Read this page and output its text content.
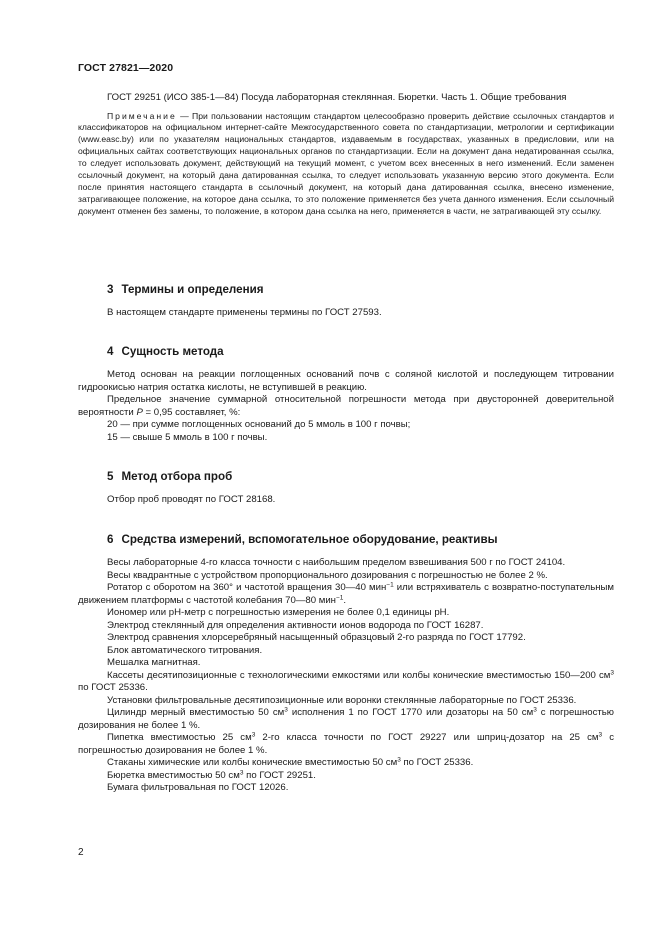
ГОСТ 27821—2020

ГОСТ 29251 (ИСО 385-1—84) Посуда лабораторная стеклянная. Бюретки. Часть 1. Общие требования

Примечание — При пользовании настоящим стандартом целесообразно проверить действие ссылочных стандартов и классификаторов на официальном интернет-сайте Межгосударственного совета по стандартизации, метрологии и сертификации (www.easc.by) или по указателям национальных стандартов, издаваемым в государствах, указанных в предисловии, или на официальных сайтах соответствующих национальных органов по стандартизации. Если на документ дана недатированная ссылка, то следует использовать документ, действующий на текущий момент, с учетом всех внесенных в него изменений. Если заменен ссылочный документ, на который дана датированная ссылка, то следует использовать указанную версию этого документа. Если после принятия настоящего стандарта в ссылочный документ, на который дана датированная ссылка, внесено изменение, затрагивающее положение, на которое дана ссылка, то это положение применяется без учета данного изменения. Если ссылочный документ отменен без замены, то положение, в котором дана ссылка на него, применяется в части, не затрагивающей эту ссылку.

3 Термины и определения

В настоящем стандарте применены термины по ГОСТ 27593.

4 Сущность метода

Метод основан на реакции поглощенных оснований почв с соляной кислотой и последующем титровании гидроокисью натрия остатка кислоты, не вступившей в реакцию.

Предельное значение суммарной относительной погрешности метода при двусторонней доверительной вероятности P = 0,95 составляет, %:

20 — при сумме поглощенных оснований до 5 ммоль в 100 г почвы;

15 — свыше 5 ммоль в 100 г почвы.

5 Метод отбора проб

Отбор проб проводят по ГОСТ 28168.

6 Средства измерений, вспомогательное оборудование, реактивы

Весы лабораторные 4-го класса точности с наибольшим пределом взвешивания 500 г по ГОСТ 24104.

Весы квадрантные с устройством пропорционального дозирования с погрешностью не более 2 %.

Ротатор с оборотом на 360° и частотой вращения 30—40 мин$^{-1}$ или встряхиватель с возвратно-поступательным движением платформы с частотой колебания 70—80 мин$^{-1}$.

Иономер или рН-метр с погрешностью измерения не более 0,1 единицы рН.

Электрод стеклянный для определения активности ионов водорода по ГОСТ 16287.

Электрод сравнения хлорсеребряный насыщенный образцовый 2-го разряда по ГОСТ 17792.

Блок автоматического титрования.

Мешалка магнитная.

Кассеты десятипозиционные с технологическими емкостями или колбы конические вместимостью 150—200 $см^3$ по ГОСТ 25336.

Установки фильтровальные десятипозиционные или воронки стеклянные лабораторные по ГОСТ 25336.

Цилиндр мерный вместимостью 50 $см^3$ исполнения 1 по ГОСТ 1770 или дозаторы на 50 $см^3$ с погрешностью дозирования не более 1 %.

Пипетка вместимостью 25 $см^3$ 2-го класса точности по ГОСТ 29227 или шприц-дозатор на 25 $см^3$ с погрешностью дозирования не более 1 %.

Стаканы химические или колбы конические вместимостью 50 $см^3$ по ГОСТ 25336.

Бюретка вместимостью 50 $см^3$ по ГОСТ 29251.

Бумага фильтровальная по ГОСТ 12026.

2
